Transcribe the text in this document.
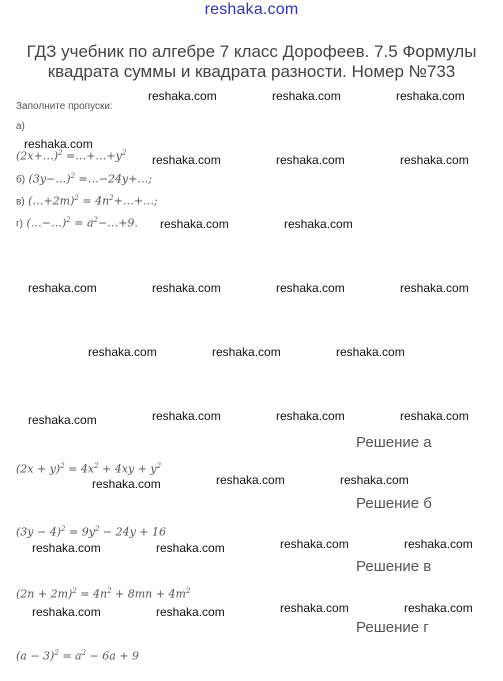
reshaka.com
ГДЗ учебник по алгебре 7 класс Дорофеев. 7.5 Формулы квадрата суммы и квадрата разности. Номер №733
Заполните пропуски:
а)
(2x+…)$^2$ $=\dots+\dots+y^2$
б) (3y−…)$^2$ =…−24y+…;
в) (…+2m)$^2$ = $4n^2+\dots+\dots$;
г) (…−…)$^2$ = $a^2-\dots+9$.
Решение а
$(2x + y)^2 = 4x^2 + 4xy + y^2$
Решение б
$(3y - 4)^2 = 9y^2 - 24y + 16$
Решение в
$(2n + 2m)^2 = 4n^2 + 8mn + 4m^2$
Решение г
$(a - 3)^2 = a^2 - 6a + 9$
reshaka.com	reshaka.com	reshaka.com
reshaka.com
reshaka.com	reshaka.com	reshaka.com
reshaka.com	reshaka.com
reshaka.com	reshaka.com	reshaka.com	reshaka.com
reshaka.com	reshaka.com	reshaka.com
reshaka.com	reshaka.com	reshaka.com	reshaka.com
reshaka.com	reshaka.com
reshaka.com
reshaka.com	reshaka.com
reshaka.com	reshaka.com
reshaka.com	reshaka.com
reshaka.com	reshaka.com
